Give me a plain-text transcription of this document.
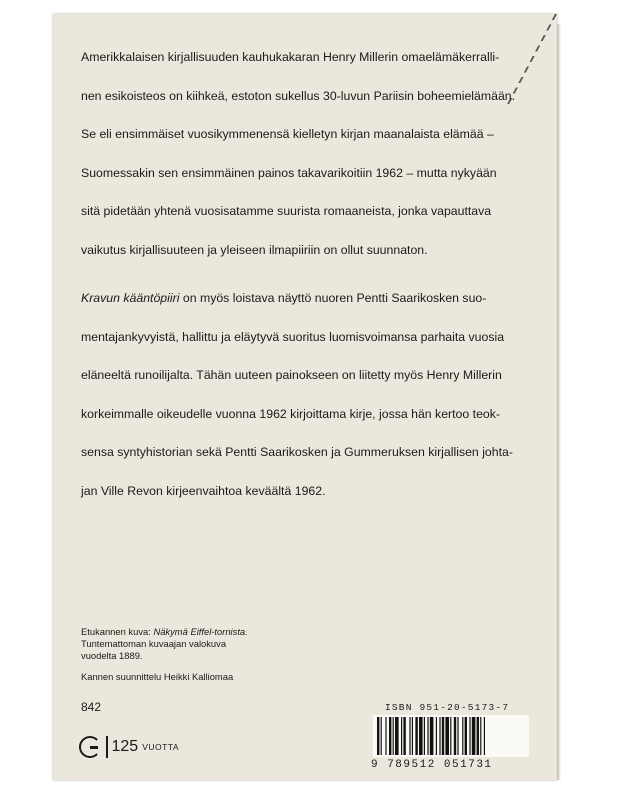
Amerikkalaisen kirjallisuuden kauhukakaran Henry Millerin omaelämäkerralli-
nen esikoisteos on kiihkeä, estoton sukellus 30-luvun Pariisin boheemielämään.
Se eli ensimmäiset vuosikymmenensä kielletyn kirjan maanalaista elämää –
Suomessakin sen ensimmäinen painos takavarikoitiin 1962 – mutta nykyään
sitä pidetään yhtenä vuosisatamme suurista romaaneista, jonka vapauttava
vaikutus kirjallisuuteen ja yleiseen ilmapiiriin on ollut suunnaton.
Kravun kääntöpiiri on myös loistava näyttö nuoren Pentti Saarikosken suo-
mentajankyvyistä, hallittu ja eläytyvä suoritus luomisvoimansa parhaita vuosia
eläneeltä runoilijalta. Tähän uuteen painokseen on liitetty myös Henry Millerin
korkeimmalle oikeudelle vuonna 1962 kirjoittama kirje, jossa hän kertoo teok-
sensa syntyhistorian sekä Pentti Saarikosken ja Gummeruksen kirjallisen johta-
jan Ville Revon kirjeenvaihtoa keväältä 1962.
Etukannen kuva: Näkymä Eiffel-tornista.
Tuntemattoman kuvaajan valokuva
vuodelta 1889.
Kannen suunnittelu Heikki Kalliomaa
842
125 VUOTTA
ISBN 951-20-5173-7
9 789512 051731
